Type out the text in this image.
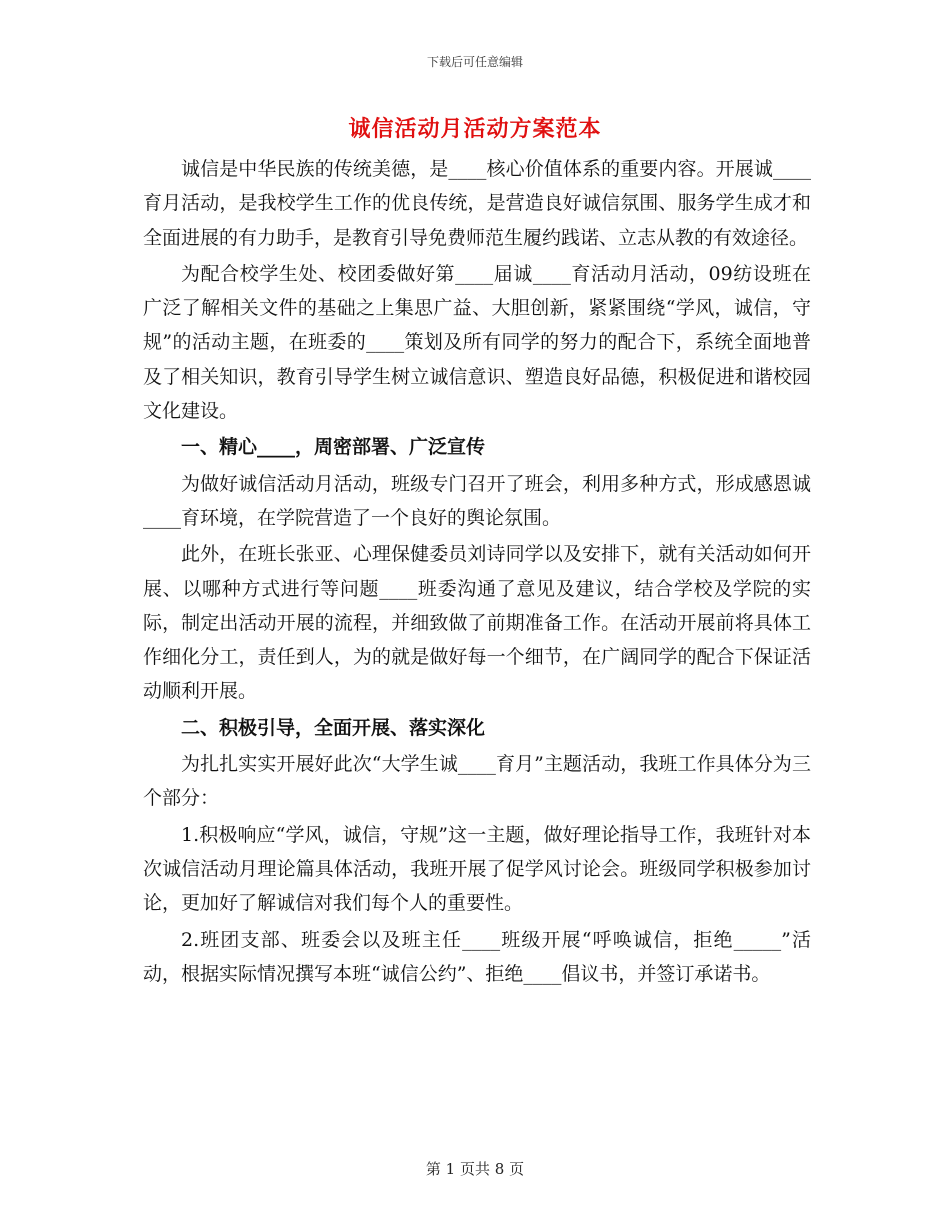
下载后可任意编辑
诚信活动月活动方案范本

诚信是中华民族的传统美德，是____核心价值体系的重要内容。开展诚____育月活动，是我校学生工作的优良传统，是营造良好诚信氛围、服务学生成才和全面进展的有力助手，是教育引导免费师范生履约践诺、立志从教的有效途径。

为配合校学生处、校团委做好第____届诚____育活动月活动，09纺设班在广泛了解相关文件的基础之上集思广益、大胆创新，紧紧围绕“学风，诚信，守规”的活动主题，在班委的____策划及所有同学的努力的配合下，系统全面地普及了相关知识，教育引导学生树立诚信意识、塑造良好品德，积极促进和谐校园文化建设。

一、精心____，周密部署、广泛宣传

为做好诚信活动月活动，班级专门召开了班会，利用多种方式，形成感恩诚____育环境，在学院营造了一个良好的舆论氛围。

此外，在班长张亚、心理保健委员刘诗同学以及安排下，就有关活动如何开展、以哪种方式进行等问题____班委沟通了意见及建议，结合学校及学院的实际，制定出活动开展的流程，并细致做了前期准备工作。在活动开展前将具体工作细化分工，责任到人，为的就是做好每一个细节，在广阔同学的配合下保证活动顺利开展。

二、积极引导，全面开展、落实深化

为扎扎实实开展好此次“大学生诚____育月”主题活动，我班工作具体分为三个部分：

1.积极响应“学风，诚信，守规”这一主题，做好理论指导工作，我班针对本次诚信活动月理论篇具体活动，我班开展了促学风讨论会。班级同学积极参加讨论，更加好了解诚信对我们每个人的重要性。

2.班团支部、班委会以及班主任____班级开展“呼唤诚信，拒绝_____”活动，根据实际情况撰写本班“诚信公约”、拒绝____倡议书，并签订承诺书。

第 1 页共 8 页
